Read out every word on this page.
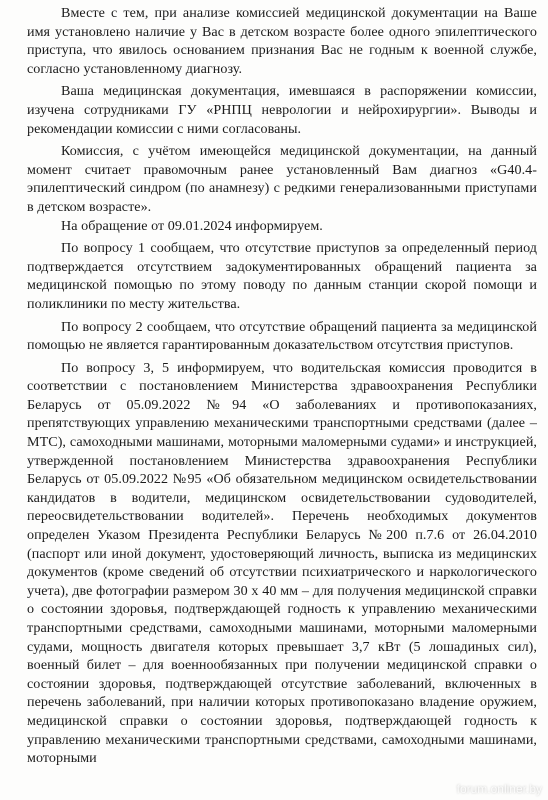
Вместе с тем, при анализе комиссией медицинской документации на Ваше имя установлено наличие у Вас в детском возрасте более одного эпилептического приступа, что явилось основанием признания Вас не годным к военной службе, согласно установленному диагнозу.

Ваша медицинская документация, имевшаяся в распоряжении комиссии, изучена сотрудниками ГУ «РНПЦ неврологии и нейрохирургии». Выводы и рекомендации комиссии с ними согласованы.

Комиссия, с учётом имеющейся медицинской документации, на данный момент считает правомочным ранее установленный Вам диагноз «G40.4-эпилептический синдром (по анамнезу) с редкими генерализованными приступами в детском возрасте».

На обращение от 09.01.2024 информируем.

По вопросу 1 сообщаем, что отсутствие приступов за определенный период подтверждается отсутствием задокументированных обращений пациента за медицинской помощью по этому поводу по данным станции скорой помощи и поликлиники по месту жительства.

По вопросу 2 сообщаем, что отсутствие обращений пациента за медицинской помощью не является гарантированным доказательством отсутствия приступов.

По вопросу 3, 5 информируем, что водительская комиссия проводится в соответствии с постановлением Министерства здравоохранения Республики Беларусь от 05.09.2022 №94 «О заболеваниях и противопоказаниях, препятствующих управлению механическими транспортными средствами (далее – МТС), самоходными машинами, моторными маломерными судами» и инструкцией, утвержденной постановлением Министерства здравоохранения Республики Беларусь от 05.09.2022 №95 «Об обязательном медицинском освидетельствовании кандидатов в водители, медицинском освидетельствовании судоводителей, переосвидетельствовании водителей». Перечень необходимых документов определен Указом Президента Республики Беларусь №200 п.7.6 от 26.04.2010 (паспорт или иной документ, удостоверяющий личность, выписка из медицинских документов (кроме сведений об отсутствии психиатрического и наркологического учета), две фотографии размером 30 х 40 мм – для получения медицинской справки о состоянии здоровья, подтверждающей годность к управлению механическими транспортными средствами, самоходными машинами, моторными маломерными судами, мощность двигателя которых превышает 3,7 кВт (5 лошадиных сил), военный билет – для военнообязанных при получении медицинской справки о состоянии здоровья, подтверждающей отсутствие заболеваний, включенных в перечень заболеваний, при наличии которых противопоказано владение оружием, медицинской справки о состоянии здоровья, подтверждающей годность к управлению механическими транспортными средствами, самоходными машинами, моторными

forum.onliner.by
